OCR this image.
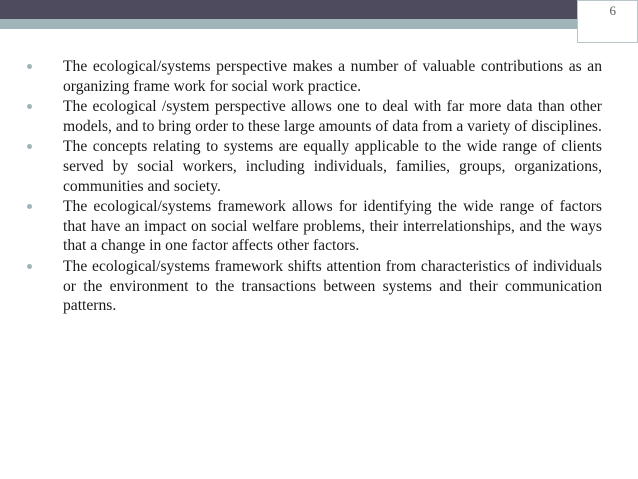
6
The ecological/systems perspective makes a number of valuable contributions as an organizing frame work for social work practice.
The ecological /system perspective allows one to deal with far more data than other models, and to bring order to these large amounts of data from a variety of disciplines.
The concepts relating to systems are equally applicable to the wide range of clients served by social workers, including individuals, families, groups, organizations, communities and society.
The ecological/systems framework allows for identifying the wide range of factors that have an impact on social welfare problems, their interrelationships, and the ways that a change in one factor affects other factors.
The ecological/systems framework shifts attention from characteristics of individuals or the environment to the transactions between systems and their communication patterns.
